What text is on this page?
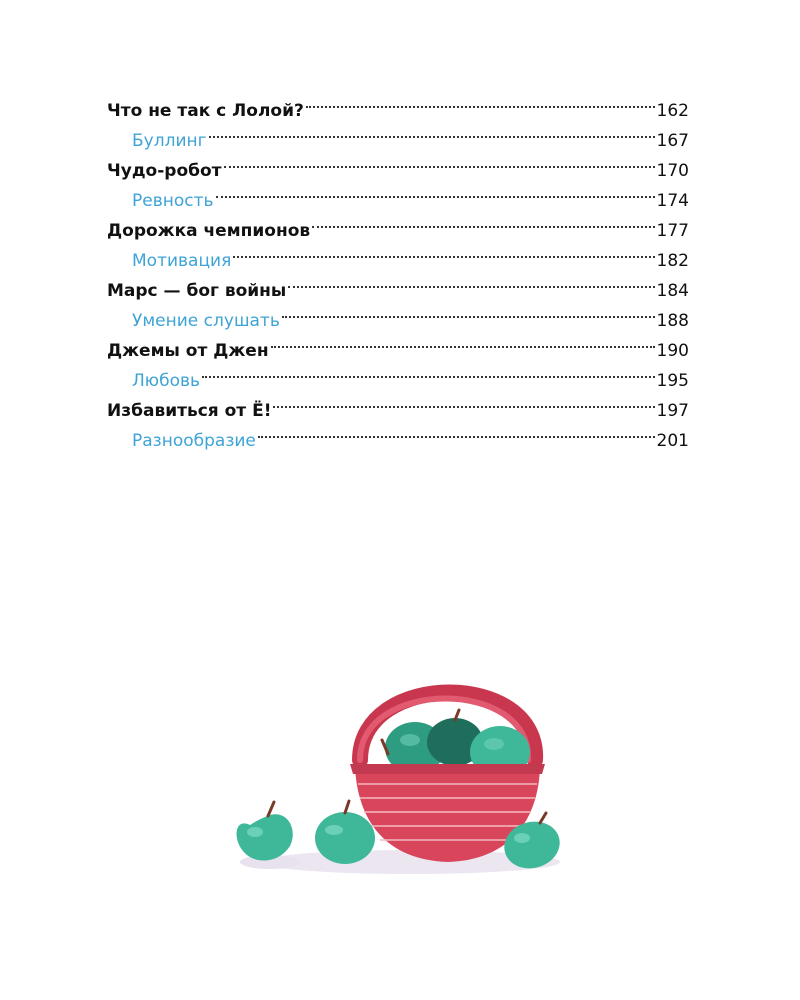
Что не так с Лолой?	162
Буллинг	167
Чудо-робот	170
Ревность	174
Дорожка чемпионов	177
Мотивация	182
Марс — бог войны	184
Умение слушать	188
Джемы от Джен	190
Любовь	195
Избавиться от Ё!	197
Разнообразие	201
